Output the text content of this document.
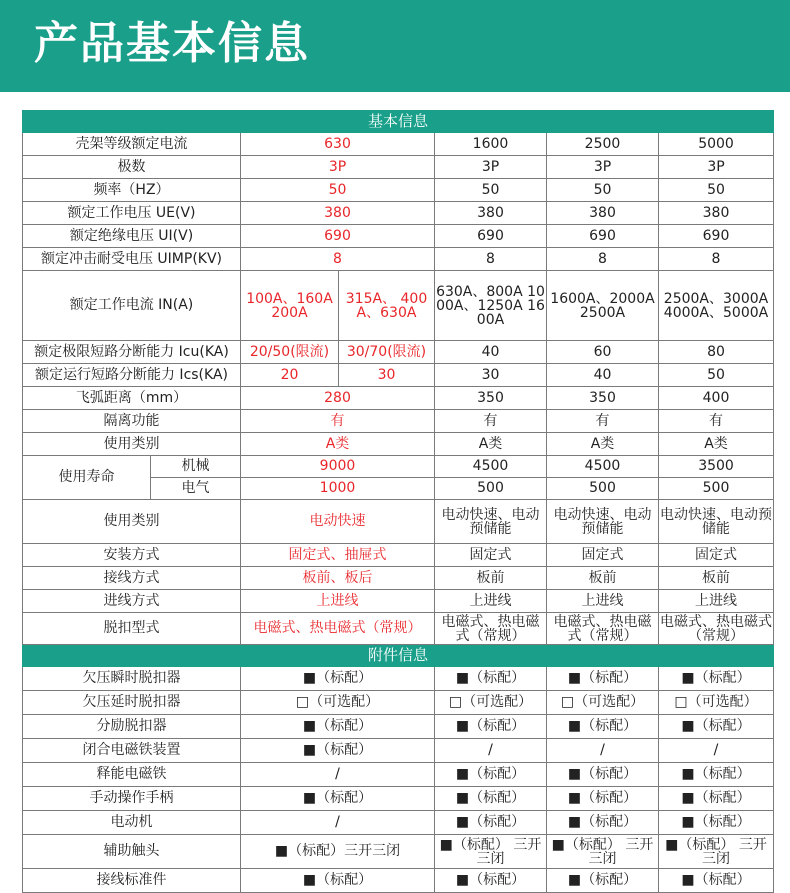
产品基本信息
基本信息						
壳架等级额定电流		630		1600	2500	5000
极数		3P		3P	3P	3P
频率（HZ）		50		50	50	50
额定工作电压 UE(V)		380		380	380	380
额定绝缘电压 UI(V)		690		690	690	690
额定冲击耐受电压 UIMP(KV)		8		8	8	8
额定工作电流 IN(A)		100A、160A 200A	315A、 400A、630A	630A、800A 1000A、1250A 1600A	1600A、2000A 2500A	2500A、3000A 4000A、5000A
额定极限短路分断能力 Icu(KA)		20/50(限流)	30/70(限流)	40	60	80
额定运行短路分断能力 Ics(KA)		20	30	30	40	50
飞弧距离（mm）		280		350	350	400
隔离功能		有		有	有	有
使用类别		A类		A类	A类	A类
使用寿命	机械	9000		4500	4500	3500
	电气	1000		500	500	500
使用类别		电动快速		电动快速、电动预储能	电动快速、电动预储能	电动快速、电动预储能
安装方式		固定式、抽屉式		固定式	固定式	固定式
接线方式		板前、板后		板前	板前	板前
进线方式		上进线		上进线	上进线	上进线
脱扣型式		电磁式、热电磁式（常规）		电磁式、热电磁式（常规）	电磁式、热电磁式（常规）	电磁式、热电磁式（常规）
附件信息						
欠压瞬时脱扣器		■（标配）		■（标配）	■（标配）	■（标配）
欠压延时脱扣器		□（可选配）		□（可选配）	□（可选配）	□（可选配）
分励脱扣器		■（标配）		■（标配）	■（标配）	■（标配）
闭合电磁铁装置		■（标配）		/	/	/
释能电磁铁		/		■（标配）	■（标配）	■（标配）
手动操作手柄		■（标配）		■（标配）	■（标配）	■（标配）
电动机		/		■（标配）	■（标配）	■（标配）
辅助触头		■（标配）三开三闭		■（标配） 三开三闭	■（标配） 三开三闭	■（标配） 三开三闭
接线标准件		■（标配）		■（标配）	■（标配）	■（标配）
